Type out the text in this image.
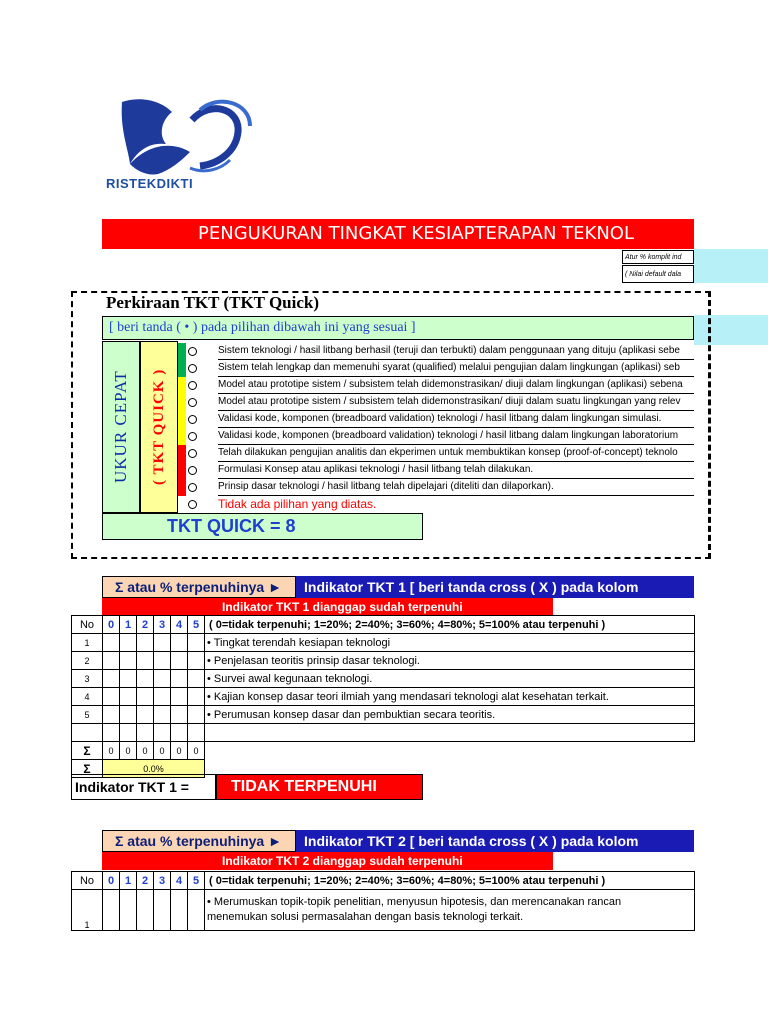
RISTEKDIKTI
PENGUKURAN TINGKAT KESIAPTERAPAN TEKNOL
Atur % komplit ind
( Nilai default dala
Perkiraan TKT (TKT Quick)
[ beri tanda ( • ) pada pilihan dibawah ini yang sesuai ]
UKUR CEPAT	( TKT QUICK )
Sistem teknologi / hasil litbang berhasil (teruji dan terbukti) dalam penggunaan yang dituju (aplikasi sebe
Sistem telah lengkap dan memenuhi syarat (qualified) melalui pengujian dalam lingkungan (aplikasi) seb
Model atau prototipe sistem / subsistem telah didemonstrasikan/ diuji dalam lingkungan (aplikasi) sebena
Model atau prototipe sistem / subsistem telah didemonstrasikan/ diuji dalam suatu lingkungan yang relev
Validasi kode, komponen (breadboard validation) teknologi / hasil litbang dalam lingkungan simulasi.
Validasi kode, komponen (breadboard validation) teknologi / hasil litbang dalam lingkungan laboratorium
Telah dilakukan pengujian analitis dan ekperimen untuk membuktikan konsep (proof-of-concept) teknolo
Formulasi Konsep atau aplikasi teknologi / hasil litbang telah dilakukan.
Prinsip dasar teknologi / hasil litbang telah dipelajari (diteliti dan dilaporkan).
Tidak ada pilihan yang diatas.
TKT QUICK = 8
Σ atau % terpenuhinya ►	Indikator TKT 1 [ beri tanda cross ( X ) pada kolom
Indikator TKT 1 dianggap sudah terpenuhi
No	0	1	2	3	4	5	( 0=tidak terpenuhi; 1=20%; 2=40%; 3=60%; 4=80%; 5=100% atau terpenuhi )
1							• Tingkat terendah kesiapan teknologi
2							• Penjelasan teoritis prinsip dasar teknologi.
3							• Survei awal kegunaan teknologi.
4							• Kajian konsep dasar teori ilmiah yang mendasari teknologi alat kesehatan terkait.
5							• Perumusan konsep dasar dan pembuktian secara teoritis.

Σ	0	0	0	0	0	0	
Σ	0.0%						
Indikator TKT 1 =	TIDAK TERPENUHI
Σ atau % terpenuhinya ►	Indikator TKT 2 [ beri tanda cross ( X ) pada kolom
Indikator TKT 2 dianggap sudah terpenuhi
No	0	1	2	3	4	5	( 0=tidak terpenuhi; 1=20%; 2=40%; 3=60%; 4=80%; 5=100% atau terpenuhi )
1							• Merumuskan topik-topik penelitian, menyusun hipotesis, dan merencanakan rancan
menemukan solusi permasalahan dengan basis teknologi terkait.
